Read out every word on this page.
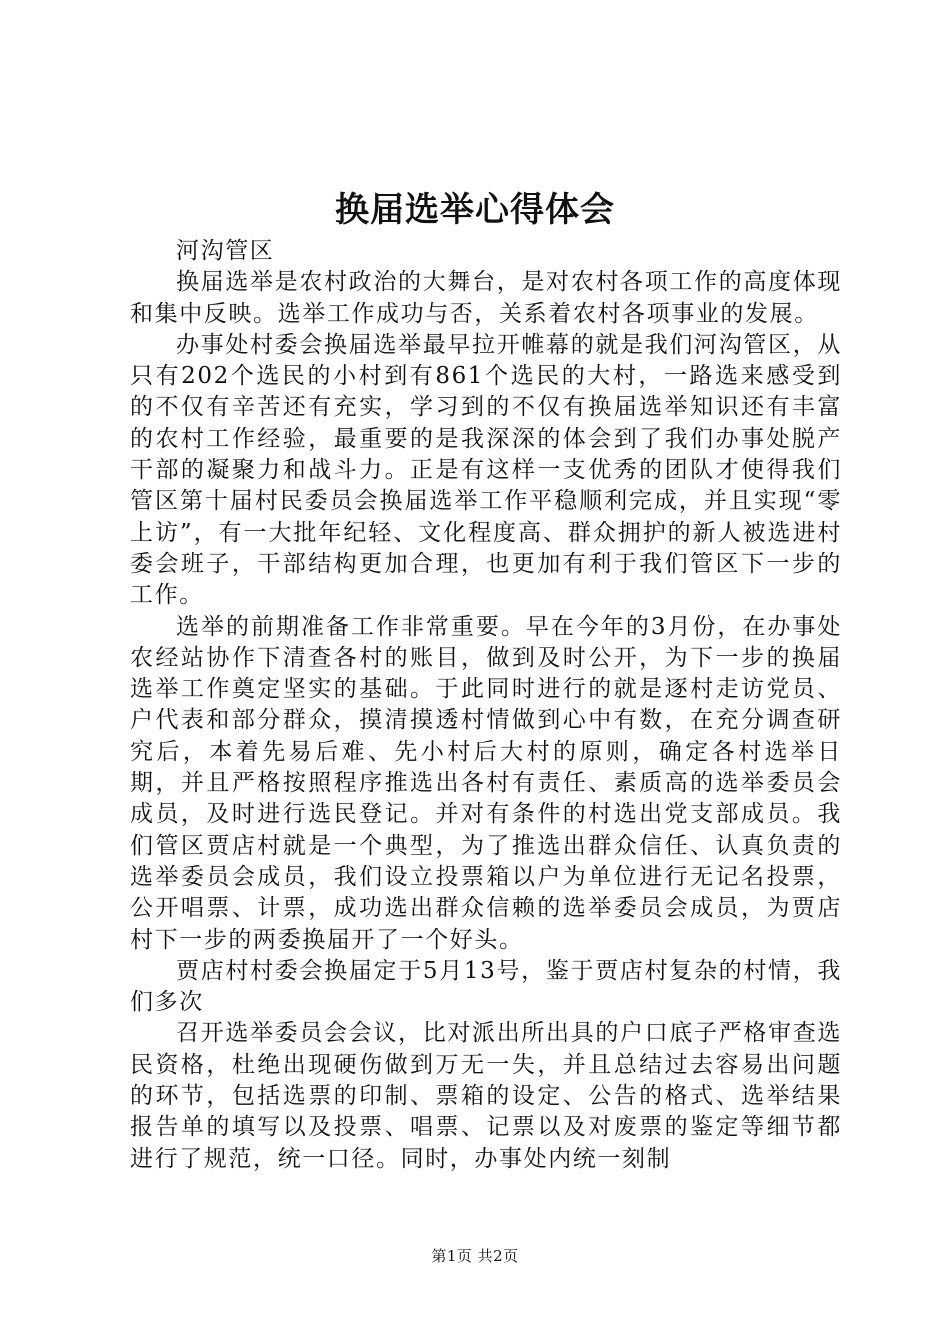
换届选举心得体会

河沟管区

换届选举是农村政治的大舞台，是对农村各项工作的高度体现和集中反映。选举工作成功与否，关系着农村各项事业的发展。

办事处村委会换届选举最早拉开帷幕的就是我们河沟管区，从只有202个选民的小村到有861个选民的大村，一路选来感受到的不仅有辛苦还有充实，学习到的不仅有换届选举知识还有丰富的农村工作经验，最重要的是我深深的体会到了我们办事处脱产干部的凝聚力和战斗力。正是有这样一支优秀的团队才使得我们管区第十届村民委员会换届选举工作平稳顺利完成，并且实现“零上访”，有一大批年纪轻、文化程度高、群众拥护的新人被选进村委会班子，干部结构更加合理，也更加有利于我们管区下一步的工作。

选举的前期准备工作非常重要。早在今年的3月份，在办事处农经站协作下清查各村的账目，做到及时公开，为下一步的换届选举工作奠定坚实的基础。于此同时进行的就是逐村走访党员、户代表和部分群众，摸清摸透村情做到心中有数，在充分调查研究后，本着先易后难、先小村后大村的原则，确定各村选举日期，并且严格按照程序推选出各村有责任、素质高的选举委员会成员，及时进行选民登记。并对有条件的村选出党支部成员。我们管区贾店村就是一个典型，为了推选出群众信任、认真负责的选举委员会成员，我们设立投票箱以户为单位进行无记名投票，公开唱票、计票，成功选出群众信赖的选举委员会成员，为贾店村下一步的两委换届开了一个好头。

贾店村村委会换届定于5月13号，鉴于贾店村复杂的村情，我们多次

召开选举委员会会议，比对派出所出具的户口底子严格审查选民资格，杜绝出现硬伤做到万无一失，并且总结过去容易出问题的环节，包括选票的印制、票箱的设定、公告的格式、选举结果报告单的填写以及投票、唱票、记票以及对废票的鉴定等细节都进行了规范，统一口径。同时，办事处内统一刻制

第1页 共2页
